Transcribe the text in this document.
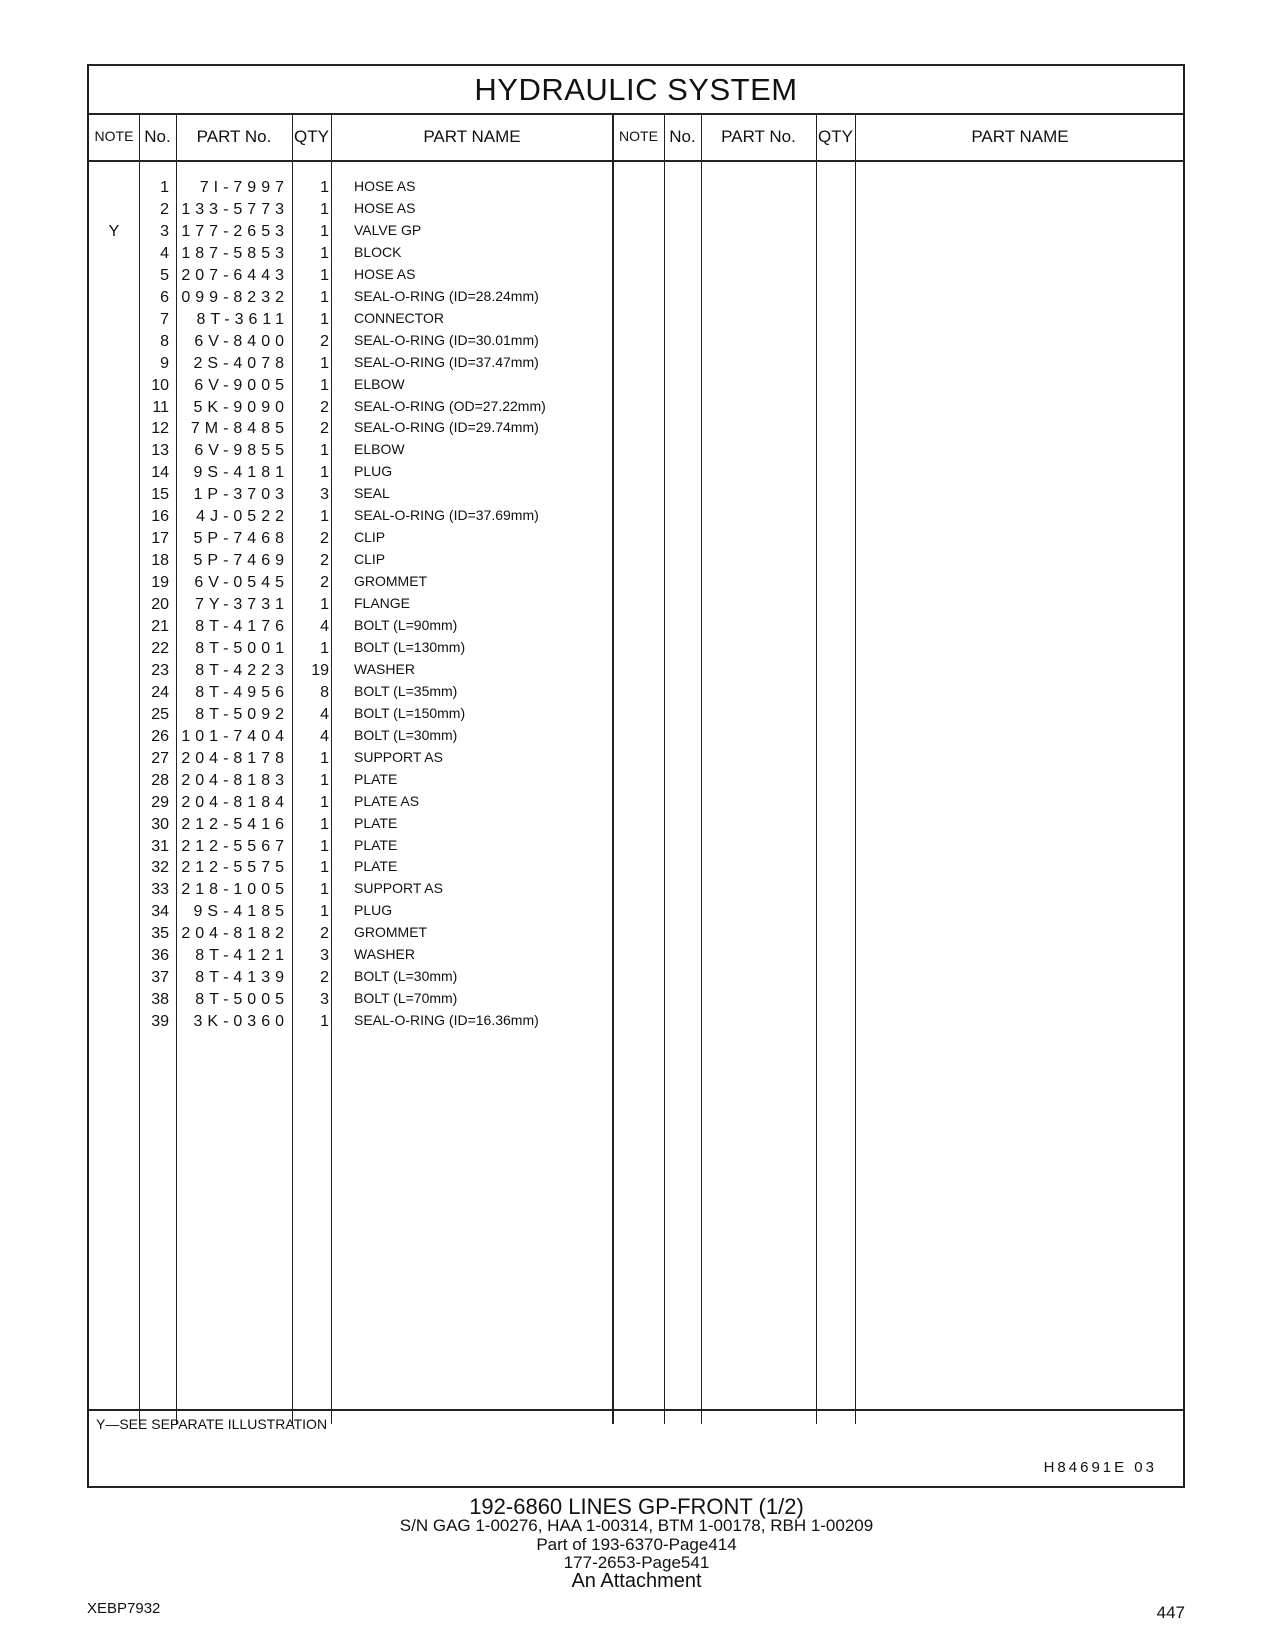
HYDRAULIC SYSTEM
NOTE No.	PART No.	QTY	PART NAME	NOTE No.	PART No.	QTY	PART NAME
1	7I-7997	1 HOSE AS
2 133-5773	1 HOSE AS
Y	3 177-2653	1 VALVE GP
4 187-5853	1 BLOCK
5 207-6443	1 HOSE AS
6 099-8232	1 SEAL-O-RING (ID=28.24mm)
7	8T-3611	1 CONNECTOR
8	6V-8400	2 SEAL-O-RING (ID=30.01mm)
9	2S-4078	1 SEAL-O-RING (ID=37.47mm)
10	6V-9005	1 ELBOW
11	5K-9090	2 SEAL-O-RING (OD=27.22mm)
12	7M-8485	2 SEAL-O-RING (ID=29.74mm)
13	6V-9855	1 ELBOW
14	9S-4181	1 PLUG
15	1P-3703	3 SEAL
16	4J-0522	1 SEAL-O-RING (ID=37.69mm)
17	5P-7468	2 CLIP
18	5P-7469	2 CLIP
19	6V-0545	2 GROMMET
20	7Y-3731	1 FLANGE
21	8T-4176	4 BOLT (L=90mm)
22	8T-5001	1 BOLT (L=130mm)
23	8T-4223	19 WASHER
24	8T-4956	8 BOLT (L=35mm)
25	8T-5092	4 BOLT (L=150mm)
26 101-7404	4 BOLT (L=30mm)
27 204-8178	1 SUPPORT AS
28 204-8183	1 PLATE
29 204-8184	1 PLATE AS
30 212-5416	1 PLATE
31 212-5567	1 PLATE
32 212-5575	1 PLATE
33 218-1005	1 SUPPORT AS
34	9S-4185	1 PLUG
35 204-8182	2 GROMMET
36	8T-4121	3 WASHER
37	8T-4139	2 BOLT (L=30mm)
38	8T-5005	3 BOLT (L=70mm)
39	3K-0360	1 SEAL-O-RING (ID=16.36mm)
Y—SEE SEPARATE ILLUSTRATION
H84691E 03
192-6860 LINES GP-FRONT (1/2)
S/N GAG 1-00276, HAA 1-00314, BTM 1-00178, RBH 1-00209
Part of 193-6370-Page414
177-2653-Page541
An Attachment
XEBP7932	447
